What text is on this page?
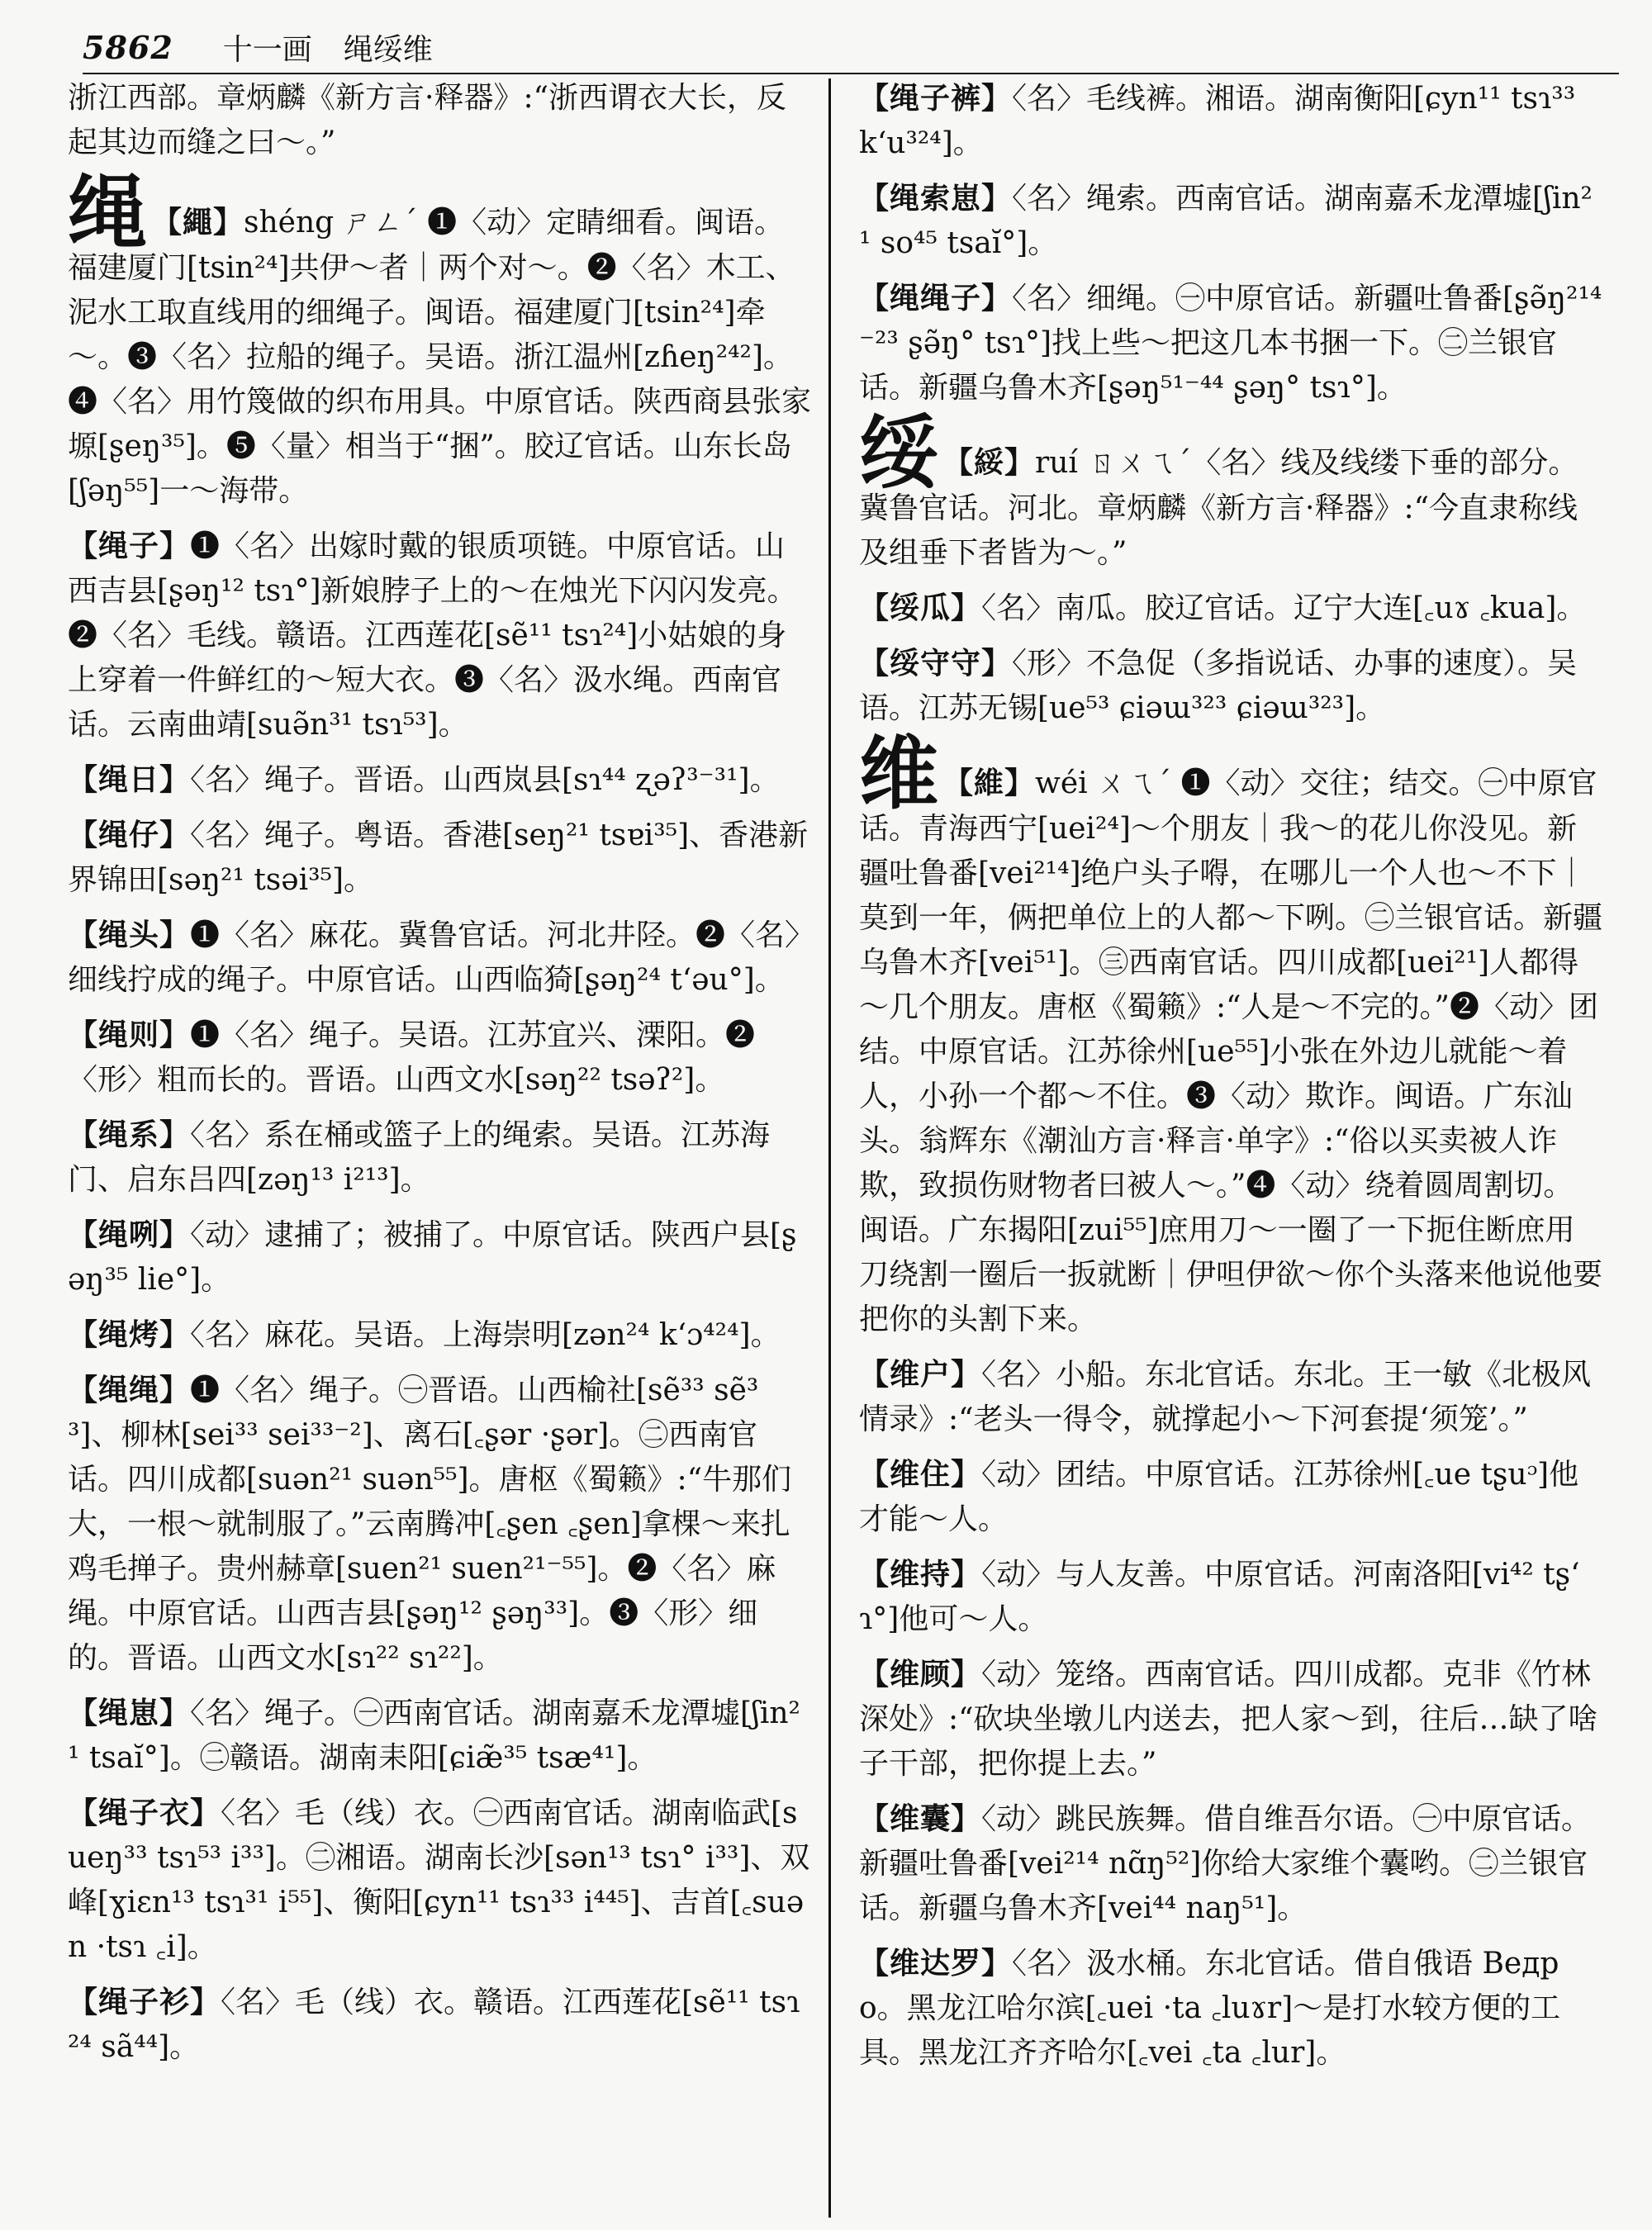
5862 十一画 绳绥维

浙江西部。章炳麟《新方言·释器》:“浙西谓衣大长，反起其边而缝之曰～。”

绳 【繩】shéng ㄕㄥˊ ❶〈动〉定睛细看。闽语。福建厦门[tsin²⁴]共伊～者｜两个对～。❷〈名〉木工、泥水工取直线用的细绳子。闽语。福建厦门[tsin²⁴]牵～。❸〈名〉拉船的绳子。吴语。浙江温州[zɦeŋ²⁴²]。❹〈名〉用竹篾做的织布用具。中原官话。陕西商县张家塬[ʂeŋ³⁵]。❺〈量〉相当于“捆”。胶辽官话。山东长岛[ʃəŋ⁵⁵]一～海带。

【绳子】❶〈名〉出嫁时戴的银质项链。中原官话。山西吉县[ʂəŋ¹² tsɿ°]新娘脖子上的～在烛光下闪闪发亮。❷〈名〉毛线。赣语。江西莲花[sẽ¹¹ tsɿ²⁴]小姑娘的身上穿着一件鲜红的～短大衣。❸〈名〉汲水绳。西南官话。云南曲靖[suə̃n³¹ tsɿ⁵³]。

【绳日】〈名〉绳子。晋语。山西岚县[sɿ⁴⁴ ʐəʔ³⁻³¹]。

【绳仔】〈名〉绳子。粤语。香港[seŋ²¹ tsɐi³⁵]、香港新界锦田[səŋ²¹ tsəi³⁵]。

【绳头】❶〈名〉麻花。冀鲁官话。河北井陉。❷〈名〉细线拧成的绳子。中原官话。山西临猗[ʂəŋ²⁴ tʻəu°]。

【绳则】❶〈名〉绳子。吴语。江苏宜兴、溧阳。❷〈形〉粗而长的。晋语。山西文水[səŋ²² tsəʔ²]。

【绳系】〈名〉系在桶或篮子上的绳索。吴语。江苏海门、启东吕四[zəŋ¹³ i²¹³]。

【绳咧】〈动〉逮捕了；被捕了。中原官话。陕西户县[ʂəŋ³⁵ lie°]。

【绳烤】〈名〉麻花。吴语。上海崇明[zən²⁴ kʻɔ⁴²⁴]。

【绳绳】❶〈名〉绳子。㊀晋语。山西榆社[sẽ³³ sẽ³³]、柳林[sei³³ sei³³⁻²]、离石[꜀ʂər ·ʂər]。㊁西南官话。四川成都[suən²¹ suən⁵⁵]。唐枢《蜀籁》:“牛那们大，一根～就制服了。”云南腾冲[꜀ʂen ꜀ʂen]拿棵～来扎鸡毛掸子。贵州赫章[suen²¹ suen²¹⁻⁵⁵]。❷〈名〉麻绳。中原官话。山西吉县[ʂəŋ¹² ʂəŋ³³]。❸〈形〉细的。晋语。山西文水[sɿ²² sɿ²²]。

【绳崽】〈名〉绳子。㊀西南官话。湖南嘉禾龙潭墟[ʃin²¹ tsaĭ°]。㊁赣语。湖南耒阳[ɕiæ̃³⁵ tsæ⁴¹]。

【绳子衣】〈名〉毛（线）衣。㊀西南官话。湖南临武[sueŋ³³ tsɿ⁵³ i³³]。㊁湘语。湖南长沙[sən¹³ tsɿ° i³³]、双峰[ɣiɛn¹³ tsɿ³¹ i⁵⁵]、衡阳[ɕyn¹¹ tsɿ³³ i⁴⁴⁵]、吉首[꜀suən ·tsɿ ꜀i]。

【绳子衫】〈名〉毛（线）衣。赣语。江西莲花[sẽ¹¹ tsɿ²⁴ sã⁴⁴]。

【绳子裤】〈名〉毛线裤。湘语。湖南衡阳[ɕyn¹¹ tsɿ³³ kʻu³²⁴]。

【绳索崽】〈名〉绳索。西南官话。湖南嘉禾龙潭墟[ʃin²¹ so⁴⁵ tsaĭ°]。

【绳绳子】〈名〉细绳。㊀中原官话。新疆吐鲁番[ʂə̃ŋ²¹⁴⁻²³ ʂə̃ŋ° tsɿ°]找上些～把这几本书捆一下。㊁兰银官话。新疆乌鲁木齐[ʂəŋ⁵¹⁻⁴⁴ ʂəŋ° tsɿ°]。

绥 【綏】ruí ㄖㄨㄟˊ〈名〉线及线缕下垂的部分。冀鲁官话。河北。章炳麟《新方言·释器》:“今直隶称线及组垂下者皆为～。”

【绥瓜】〈名〉南瓜。胶辽官话。辽宁大连[꜀uɤ ꜀kua]。

【绥守守】〈形〉不急促（多指说话、办事的速度）。吴语。江苏无锡[ue⁵³ ɕiəɯ³²³ ɕiəɯ³²³]。

维 【維】wéi ㄨㄟˊ ❶〈动〉交往；结交。㊀中原官话。青海西宁[uei²⁴]～个朋友｜我～的花儿你没见。新疆吐鲁番[vei²¹⁴]绝户头子嘚，在哪儿一个人也～不下｜莫到一年，俩把单位上的人都～下咧。㊁兰银官话。新疆乌鲁木齐[vei⁵¹]。㊂西南官话。四川成都[uei²¹]人都得～几个朋友。唐枢《蜀籁》:“人是～不完的。”❷〈动〉团结。中原官话。江苏徐州[ue⁵⁵]小张在外边儿就能～着人，小孙一个都～不住。❸〈动〉欺诈。闽语。广东汕头。翁辉东《潮汕方言·释言·单字》:“俗以买卖被人诈欺，致损伤财物者曰被人～。”❹〈动〉绕着圆周割切。闽语。广东揭阳[zui⁵⁵]庶用刀～一圈了一下扼住断庶用刀绕割一圈后一扳就断｜伊呾伊欲～你个头落来他说他要把你的头割下来。

【维户】〈名〉小船。东北官话。东北。王一敏《北极风情录》:“老头一得令，就撑起小～下河套提‘须笼’。”

【维住】〈动〉团结。中原官话。江苏徐州[꜀ue tʂuᵓ]他才能～人。

【维持】〈动〉与人友善。中原官话。河南洛阳[vi⁴² tʂʻɿ°]他可～人。

【维顾】〈动〉笼络。西南官话。四川成都。克非《竹林深处》:“砍块坐墩儿内送去，把人家～到，往后…缺了啥子干部，把你提上去。”

【维囊】〈动〉跳民族舞。借自维吾尔语。㊀中原官话。新疆吐鲁番[vei²¹⁴ nɑ̃ŋ⁵²]你给大家维个囊哟。㊁兰银官话。新疆乌鲁木齐[vei⁴⁴ naŋ⁵¹]。

【维达罗】〈名〉汲水桶。东北官话。借自俄语 Ведро。黑龙江哈尔滨[꜀uei ·ta ꜀luɤr]～是打水较方便的工具。黑龙江齐齐哈尔[꜀vei ꜀ta ꜀lur]。
